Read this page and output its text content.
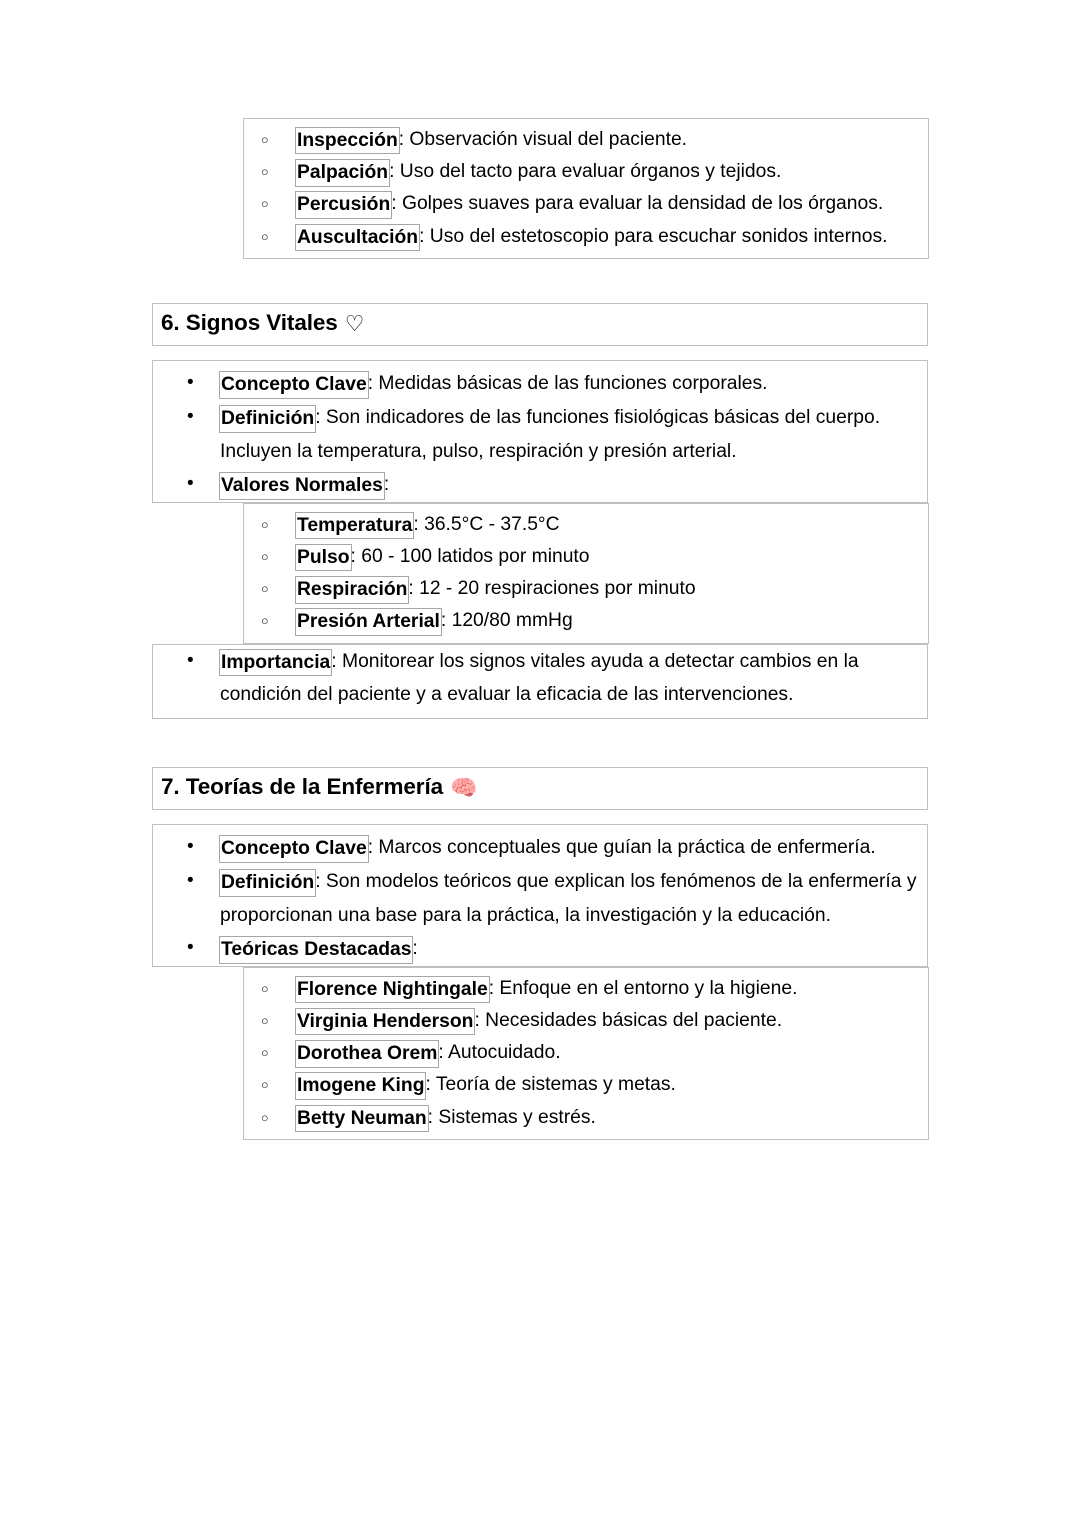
○ Inspección: Observación visual del paciente.
○ Palpación: Uso del tacto para evaluar órganos y tejidos.
○ Percusión: Golpes suaves para evaluar la densidad de los órganos.
○ Auscultación: Uso del estetoscopio para escuchar sonidos internos.
6. Signos Vitales ♡
• Concepto Clave: Medidas básicas de las funciones corporales.
• Definición: Son indicadores de las funciones fisiológicas básicas del cuerpo. Incluyen la temperatura, pulso, respiración y presión arterial.
• Valores Normales:
○ Temperatura: 36.5°C - 37.5°C
○ Pulso: 60 - 100 latidos por minuto
○ Respiración: 12 - 20 respiraciones por minuto
○ Presión Arterial: 120/80 mmHg
• Importancia: Monitorear los signos vitales ayuda a detectar cambios en la condición del paciente y a evaluar la eficacia de las intervenciones.
7. Teorías de la Enfermería 🧠
• Concepto Clave: Marcos conceptuales que guían la práctica de enfermería.
• Definición: Son modelos teóricos que explican los fenómenos de la enfermería y proporcionan una base para la práctica, la investigación y la educación.
• Teóricas Destacadas:
○ Florence Nightingale: Enfoque en el entorno y la higiene.
○ Virginia Henderson: Necesidades básicas del paciente.
○ Dorothea Orem: Autocuidado.
○ Imogene King: Teoría de sistemas y metas.
○ Betty Neuman: Sistemas y estrés.
